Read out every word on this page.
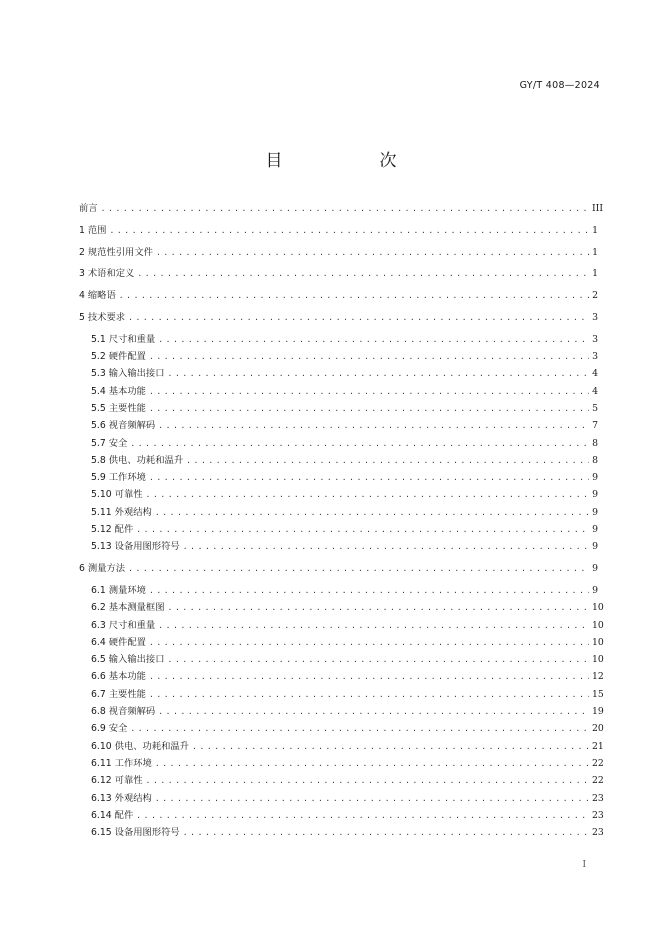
GY/T 408—2024
目　次
前言 .....	III
1 范围 .....	1
2 规范性引用文件 .....	1
3 术语和定义 .....	1
4 缩略语 .....	2
5 技术要求 .....	3
5.1 尺寸和重量 .....	3
5.2 硬件配置 .....	3
5.3 输入输出接口 .....	4
5.4 基本功能 .....	4
5.5 主要性能 .....	5
5.6 视音频解码 .....	7
5.7 安全 .....	8
5.8 供电、功耗和温升 .....	8
5.9 工作环境 .....	9
5.10 可靠性 .....	9
5.11 外观结构 .....	9
5.12 配件 .....	9
5.13 设备用图形符号 .....	9
6 测量方法 .....	9
6.1 测量环境 .....	9
6.2 基本测量框图 .....	10
6.3 尺寸和重量 .....	10
6.4 硬件配置 .....	10
6.5 输入输出接口 .....	10
6.6 基本功能 .....	12
6.7 主要性能 .....	15
6.8 视音频解码 .....	19
6.9 安全 .....	20
6.10 供电、功耗和温升 .....	21
6.11 工作环境 .....	22
6.12 可靠性 .....	22
6.13 外观结构 .....	23
6.14 配件 .....	23
6.15 设备用图形符号 .....	23
I
